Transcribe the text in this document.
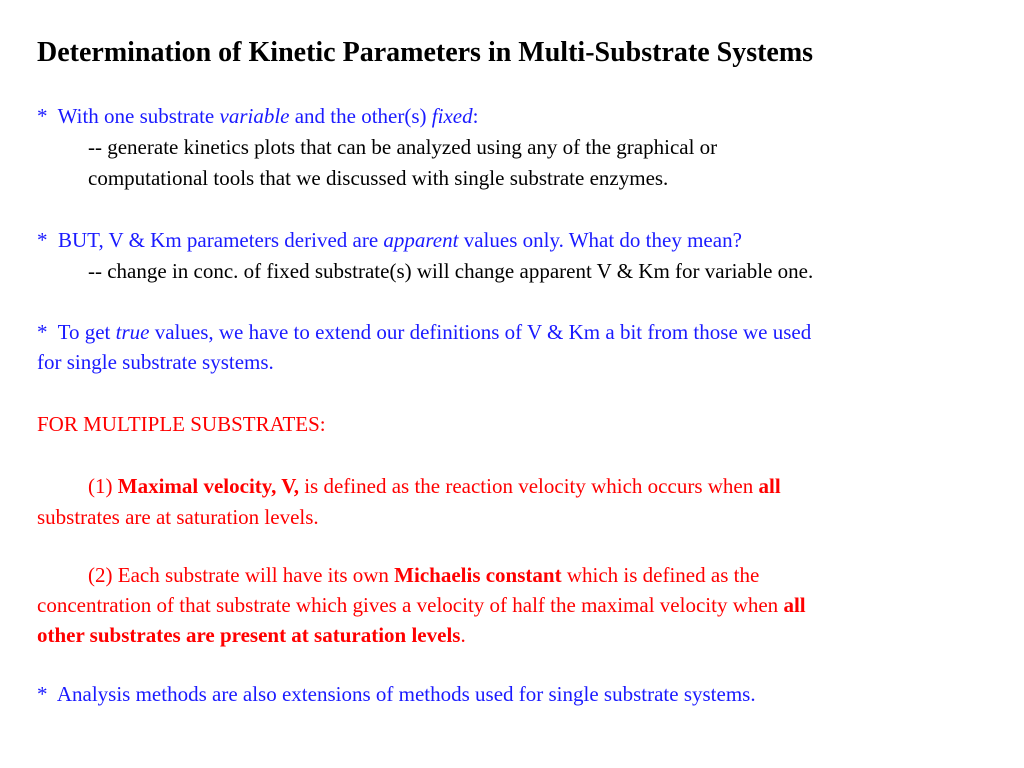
Determination of Kinetic Parameters in Multi-Substrate Systems
* With one substrate variable and the other(s) fixed:
-- generate kinetics plots that can be analyzed using any of the graphical or
computational tools that we discussed with single substrate enzymes.
* BUT, V & Km parameters derived are apparent values only. What do they mean?
-- change in conc. of fixed substrate(s) will change apparent V & Km for variable one.
* To get true values, we have to extend our definitions of V & Km a bit from those we used
for single substrate systems.
FOR MULTIPLE SUBSTRATES:
(1) Maximal velocity, V, is defined as the reaction velocity which occurs when all
substrates are at saturation levels.
(2) Each substrate will have its own Michaelis constant which is defined as the
concentration of that substrate which gives a velocity of half the maximal velocity when all
other substrates are present at saturation levels.
* Analysis methods are also extensions of methods used for single substrate systems.
